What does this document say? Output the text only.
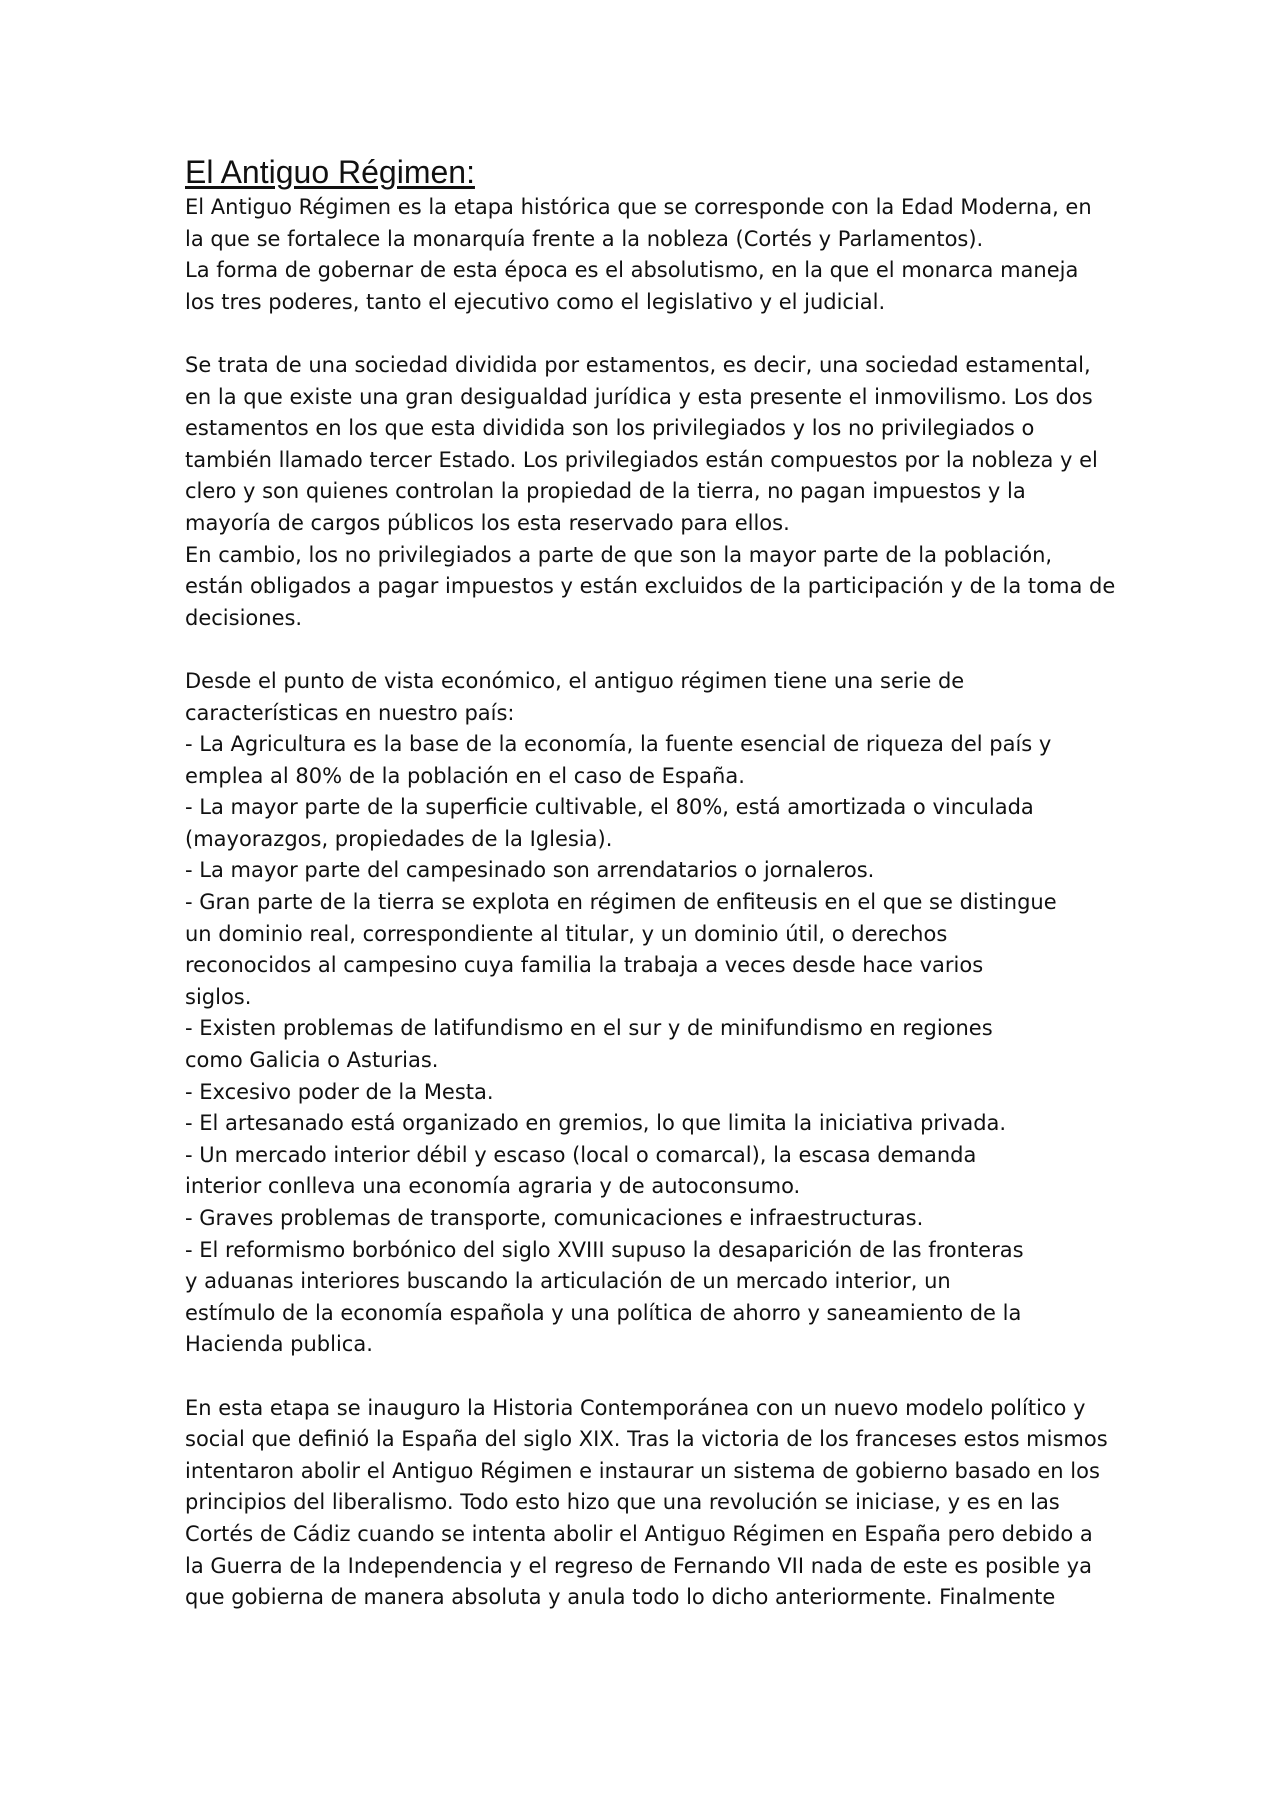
El Antiguo Régimen:
El Antiguo Régimen es la etapa histórica que se corresponde con la Edad Moderna, en
la que se fortalece la monarquía frente a la nobleza (Cortés y Parlamentos).
La forma de gobernar de esta época es el absolutismo, en la que el monarca maneja
los tres poderes, tanto el ejecutivo como el legislativo y el judicial.
Se trata de una sociedad dividida por estamentos, es decir, una sociedad estamental,
en la que existe una gran desigualdad jurídica y esta presente el inmovilismo. Los dos
estamentos en los que esta dividida son los privilegiados y los no privilegiados o
también llamado tercer Estado. Los privilegiados están compuestos por la nobleza y el
clero y son quienes controlan la propiedad de la tierra, no pagan impuestos y la
mayoría de cargos públicos los esta reservado para ellos.
En cambio, los no privilegiados a parte de que son la mayor parte de la población,
están obligados a pagar impuestos y están excluidos de la participación y de la toma de
decisiones.
Desde el punto de vista económico, el antiguo régimen tiene una serie de
características en nuestro país:
- La Agricultura es la base de la economía, la fuente esencial de riqueza del país y
emplea al 80% de la población en el caso de España.
- La mayor parte de la superficie cultivable, el 80%, está amortizada o vinculada
(mayorazgos, propiedades de la Iglesia).
- La mayor parte del campesinado son arrendatarios o jornaleros.
- Gran parte de la tierra se explota en régimen de enfiteusis en el que se distingue
un dominio real, correspondiente al titular, y un dominio útil, o derechos
reconocidos al campesino cuya familia la trabaja a veces desde hace varios
siglos.
- Existen problemas de latifundismo en el sur y de minifundismo en regiones
como Galicia o Asturias.
- Excesivo poder de la Mesta.
- El artesanado está organizado en gremios, lo que limita la iniciativa privada.
- Un mercado interior débil y escaso (local o comarcal), la escasa demanda
interior conlleva una economía agraria y de autoconsumo.
- Graves problemas de transporte, comunicaciones e infraestructuras.
- El reformismo borbónico del siglo XVIII supuso la desaparición de las fronteras
y aduanas interiores buscando la articulación de un mercado interior, un
estímulo de la economía española y una política de ahorro y saneamiento de la
Hacienda publica.
En esta etapa se inauguro la Historia Contemporánea con un nuevo modelo político y
social que definió la España del siglo XIX. Tras la victoria de los franceses estos mismos
intentaron abolir el Antiguo Régimen e instaurar un sistema de gobierno basado en los
principios del liberalismo. Todo esto hizo que una revolución se iniciase, y es en las
Cortés de Cádiz cuando se intenta abolir el Antiguo Régimen en España pero debido a
la Guerra de la Independencia y el regreso de Fernando VII nada de este es posible ya
que gobierna de manera absoluta y anula todo lo dicho anteriormente. Finalmente
